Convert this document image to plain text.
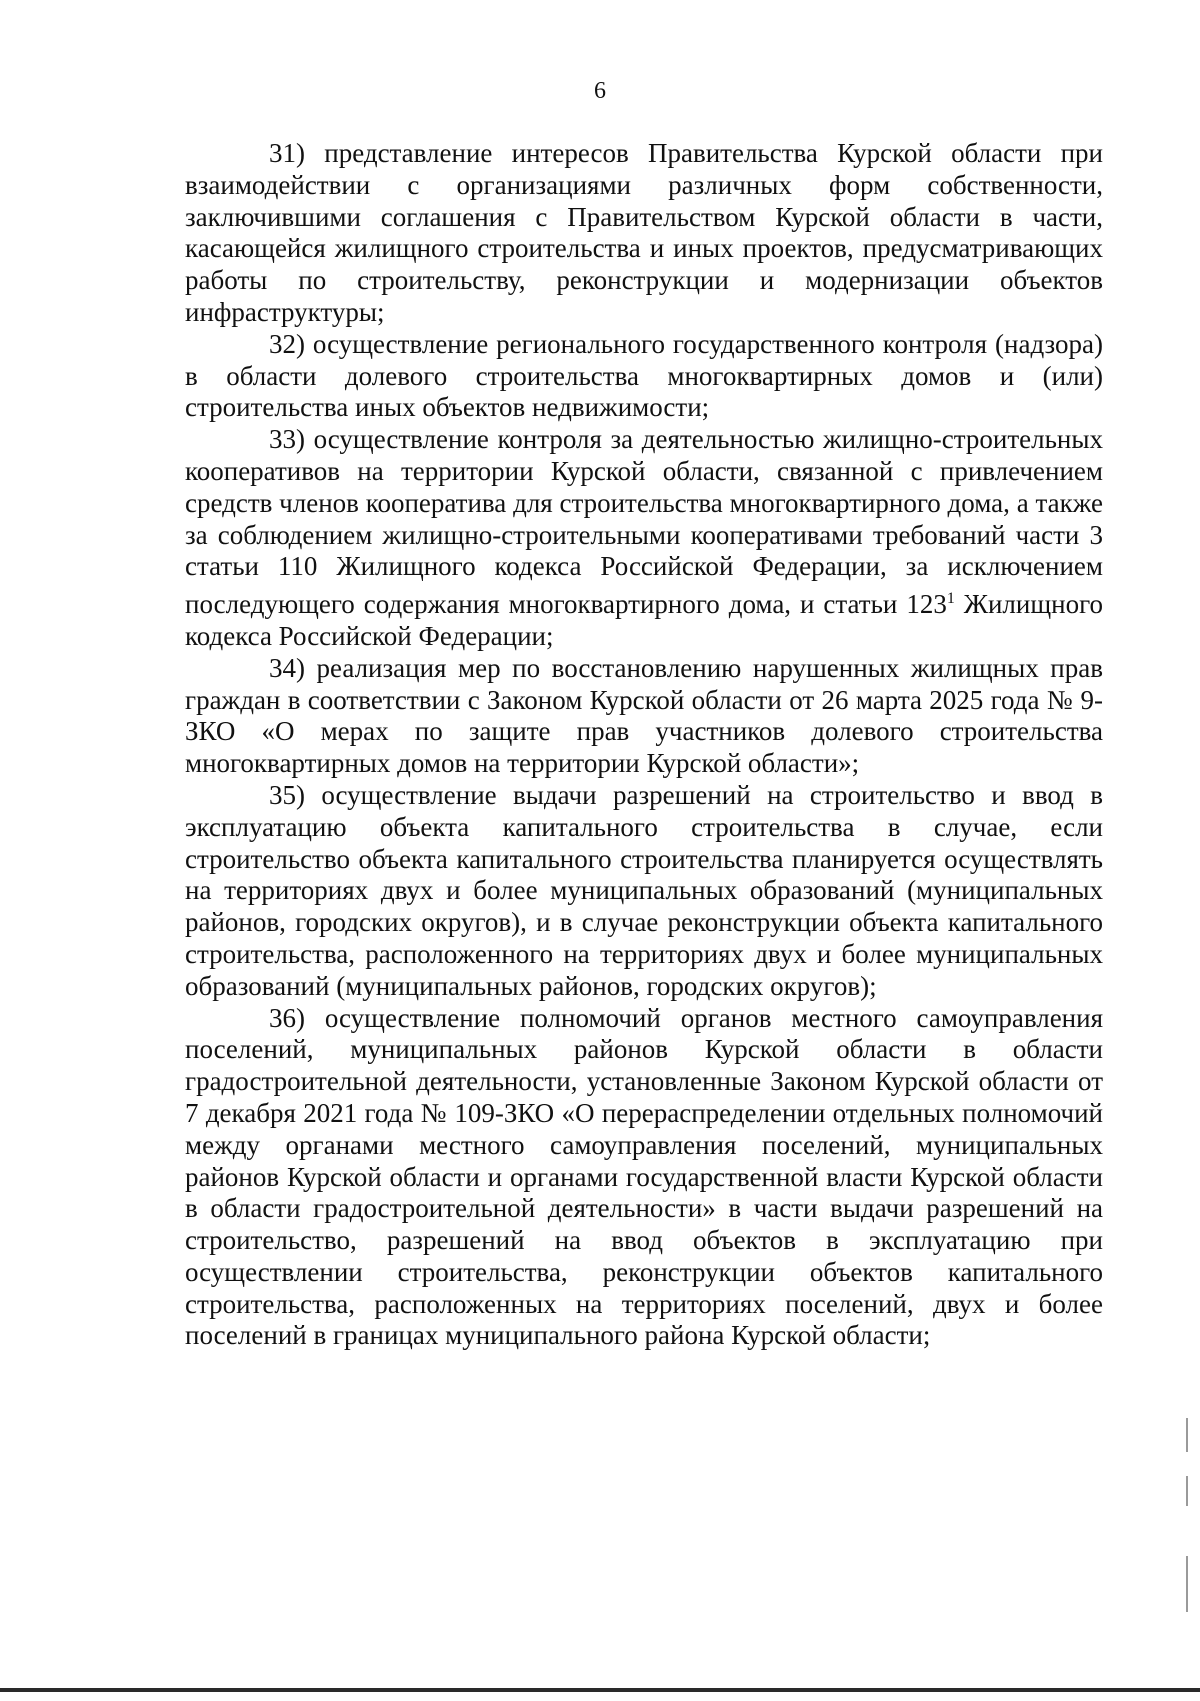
6

31) представление интересов Правительства Курской области при взаимодействии с организациями различных форм собственности, заключившими соглашения с Правительством Курской области в части, касающейся жилищного строительства и иных проектов, предусматривающих работы по строительству, реконструкции и модернизации объектов инфраструктуры;

32) осуществление регионального государственного контроля (надзора) в области долевого строительства многоквартирных домов и (или) строительства иных объектов недвижимости;

33) осуществление контроля за деятельностью жилищно-строительных кооперативов на территории Курской области, связанной с привлечением средств членов кооператива для строительства многоквартирного дома, а также за соблюдением жилищно-строительными кооперативами требований части 3 статьи 110 Жилищного кодекса Российской Федерации, за исключением последующего содержания многоквартирного дома, и статьи $123^1$ Жилищного кодекса Российской Федерации;

34) реализация мер по восстановлению нарушенных жилищных прав граждан в соответствии с Законом Курской области от 26 марта 2025 года № 9-ЗКО «О мерах по защите прав участников долевого строительства многоквартирных домов на территории Курской области»;

35) осуществление выдачи разрешений на строительство и ввод в эксплуатацию объекта капитального строительства в случае, если строительство объекта капитального строительства планируется осуществлять на территориях двух и более муниципальных образований (муниципальных районов, городских округов), и в случае реконструкции объекта капитального строительства, расположенного на территориях двух и более муниципальных образований (муниципальных районов, городских округов);

36) осуществление полномочий органов местного самоуправления поселений, муниципальных районов Курской области в области градостроительной деятельности, установленные Законом Курской области от 7 декабря 2021 года № 109-ЗКО «О перераспределении отдельных полномочий между органами местного самоуправления поселений, муниципальных районов Курской области и органами государственной власти Курской области в области градостроительной деятельности» в части выдачи разрешений на строительство, разрешений на ввод объектов в эксплуатацию при осуществлении строительства, реконструкции объектов капитального строительства, расположенных на территориях поселений, двух и более поселений в границах муниципального района Курской области;
